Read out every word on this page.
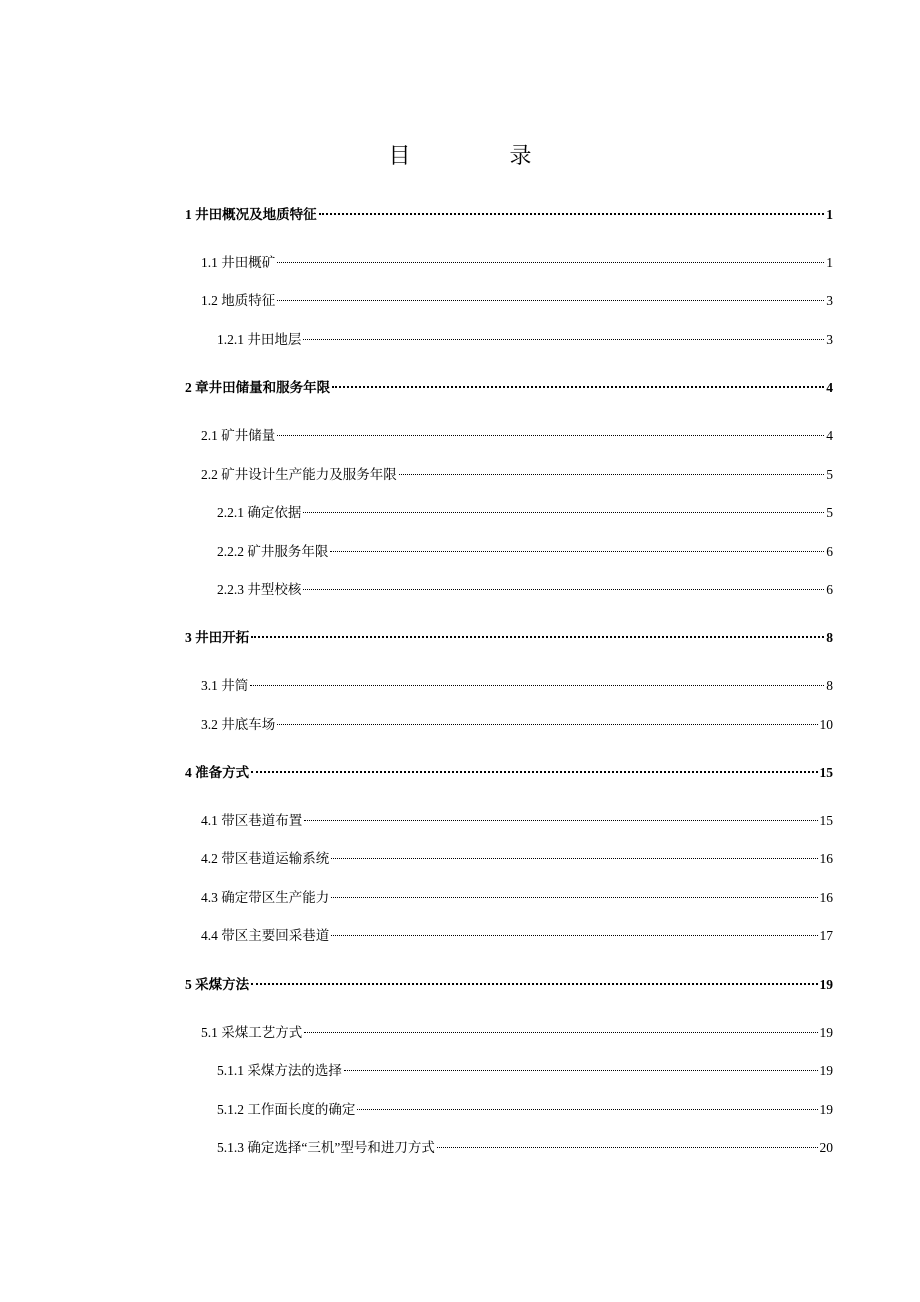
目 录
1 井田概况及地质特征	1
1.1 井田概矿	1
1.2 地质特征	3
1.2.1 井田地层	3
2 章井田储量和服务年限	4
2.1 矿井储量	4
2.2 矿井设计生产能力及服务年限	5
2.2.1 确定依据	5
2.2.2 矿井服务年限	6
2.2.3 井型校核	6
3 井田开拓	8
3.1 井筒	8
3.2 井底车场	10
4 准备方式	15
4.1 带区巷道布置	15
4.2 带区巷道运输系统	16
4.3 确定带区生产能力	16
4.4 带区主要回采巷道	17
5 采煤方法	19
5.1 采煤工艺方式	19
5.1.1 采煤方法的选择	19
5.1.2 工作面长度的确定	19
5.1.3 确定选择“三机”型号和进刀方式	20
